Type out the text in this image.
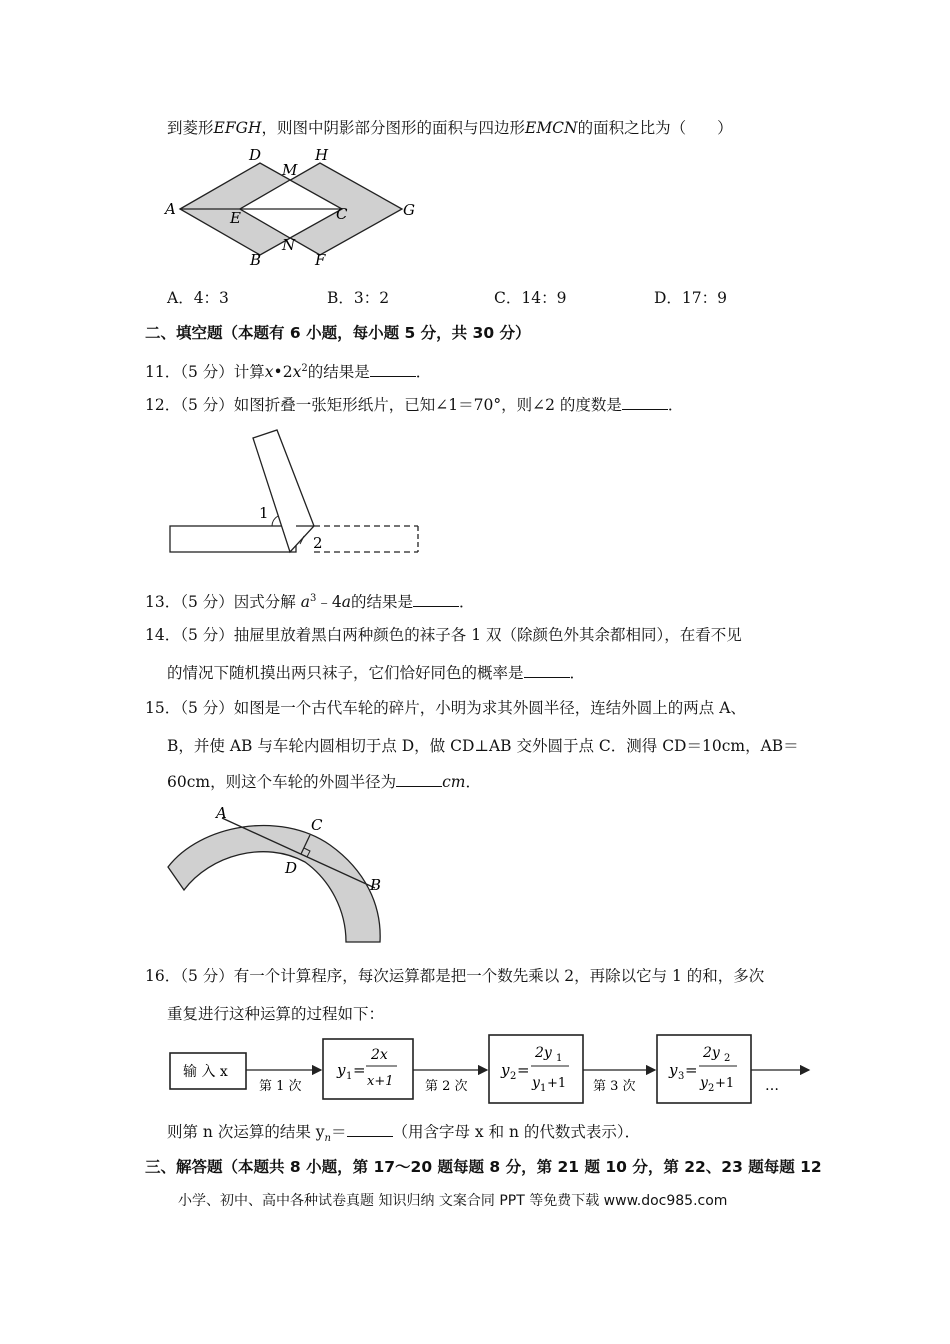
到菱形EFGH，则图中阴影部分图形的面积与四边形EMCN的面积之比为（　　）
D
M
H
A	E	C	G
N
B	F
A．4：3	B．3：2	C．14：9	D．17：9
二、填空题（本题有 6 小题，每小题 5 分，共 30 分）
11．（5 分）计算$x•2x^2$的结果是	．
12．（5 分）如图折叠一张矩形纸片，已知∠1＝70°，则∠2 的度数是	．
1
2
13．（5 分）因式分解 $a^3﹣4a$的结果是	．
14．（5 分）抽屉里放着黑白两种颜色的袜子各 1 双（除颜色外其余都相同），在看不见
的情况下随机摸出两只袜子，它们恰好同色的概率是	．
15．（5 分）如图是一个古代车轮的碎片，小明为求其外圆半径，连结外圆上的两点 A、
B，并使 AB 与车轮内圆相切于点 D，做 CD⊥AB 交外圆于点 C．测得 CD＝10cm，AB＝
60cm，则这个车轮的外圆半径为	cm．
A
C
D
B
16．（5 分）有一个计算程序，每次运算都是把一个数先乘以 2，再除以它与 1 的和，多次
重复进行这种运算的过程如下：
输 入 x
第 1 次
y 1 =
2x
x+1 第 2 次
y 2 =
2y 1
y 1 +1 第 3 次
y 3 =
2y 2
y 2 +1 …
则第 n 次运算的结果 $y_n=$	（用含字母 x 和 n 的代数式表示）．
三、解答题（本题共 8 小题，第 17～20 题每题 8 分，第 21 题 10 分，第 22、23 题每题 12
小学、初中、高中各种试卷真题 知识归纳 文案合同 PPT 等免费下载 www.doc985.com
